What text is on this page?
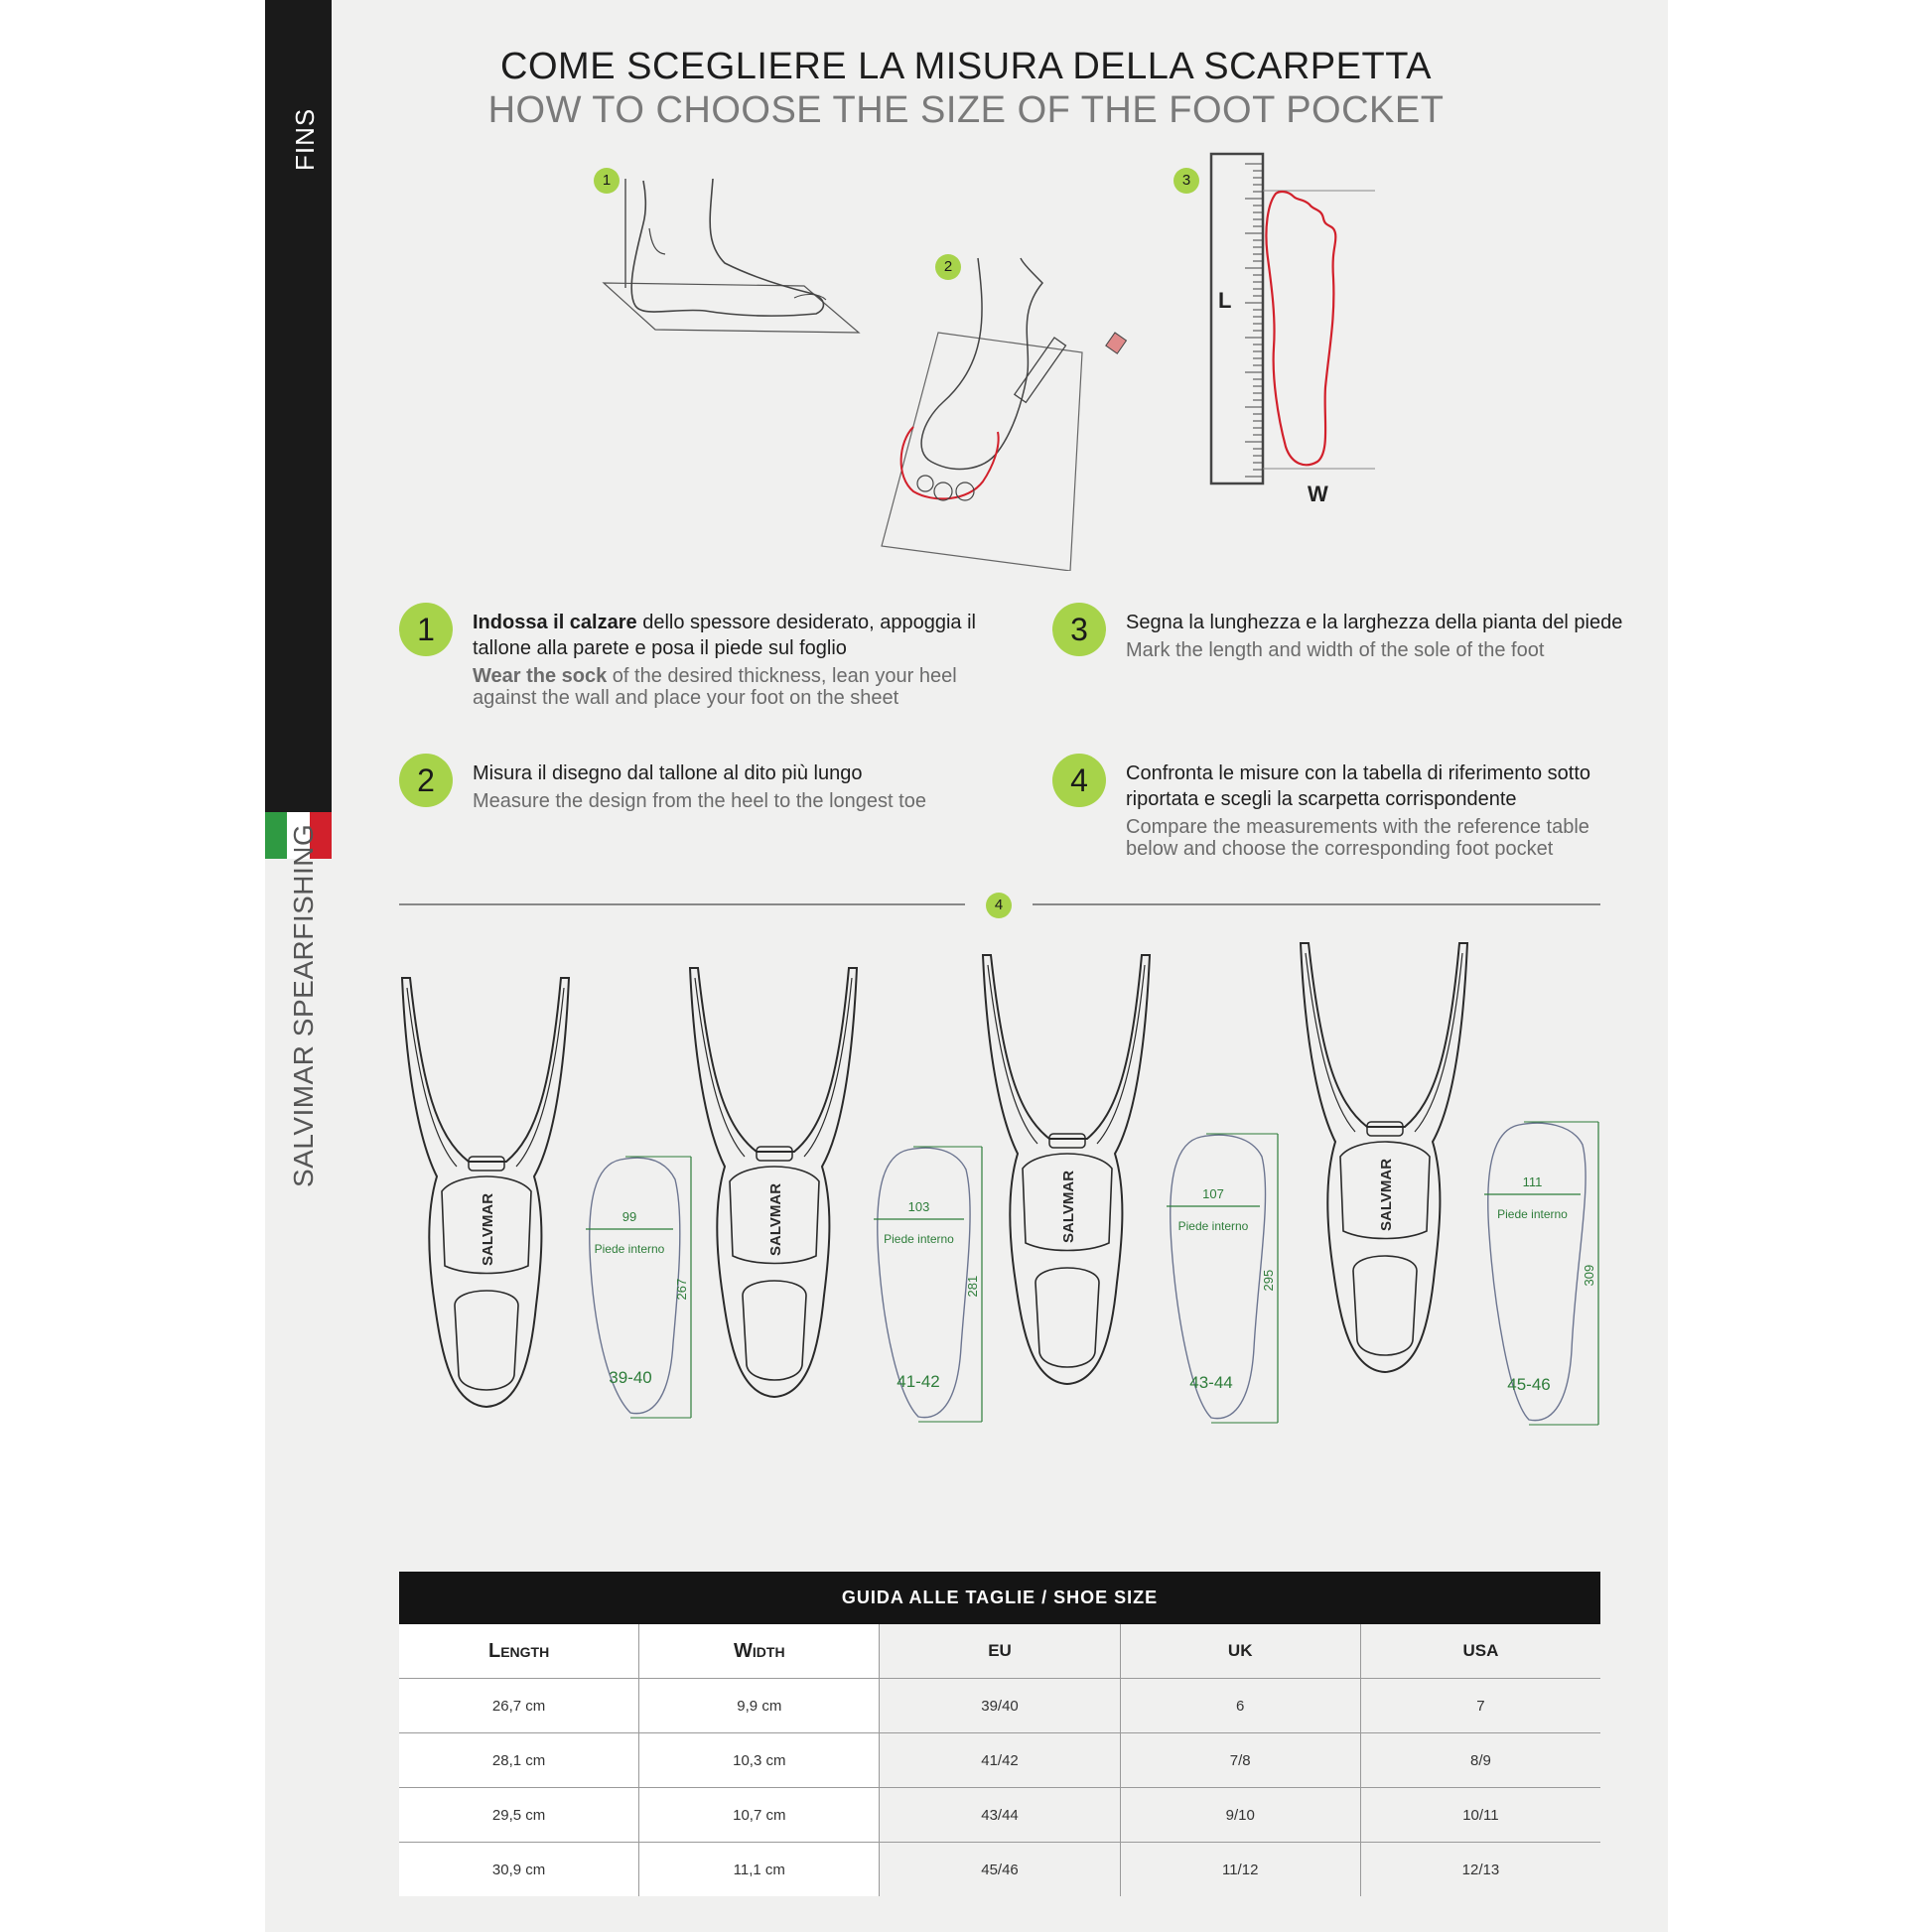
FINS
SALVIMAR SPEARFISHING
COME SCEGLIERE LA MISURA DELLA SCARPETTA
HOW TO CHOOSE THE SIZE OF THE FOOT POCKET
1
2
3
L
W
1	Indossa il calzare dello spessore desiderato, appoggia il tallone alla parete e posa il piede sul foglio
Wear the sock of the desired thickness, lean your heel against the wall and place your foot on the sheet
2	Misura il disegno dal tallone al dito più lungo
Measure the design from the heel to the longest toe
3	Segna la lunghezza e la larghezza della pianta del piede
Mark the length and width of the sole of the foot
4	Confronta le misure con la tabella di riferimento sotto riportata e scegli la scarpetta corrispondente
Compare the measurements with the reference table below and choose the corresponding foot pocket
4
SALVMAR	99
Piede interno
267
39-40
SALVMAR	103
Piede interno
281
41-42
SALVMAR	107
Piede interno
295
43-44
SALVMAR	111
Piede interno
309
45-46
GUIDA ALLE TAGLIE / SHOE SIZE
Length	Width	EU	UK	USA
26,7 cm	9,9 cm	39/40	6	7
28,1 cm	10,3 cm	41/42	7/8	8/9
29,5 cm	10,7 cm	43/44	9/10	10/11
30,9 cm	11,1 cm	45/46	11/12	12/13
